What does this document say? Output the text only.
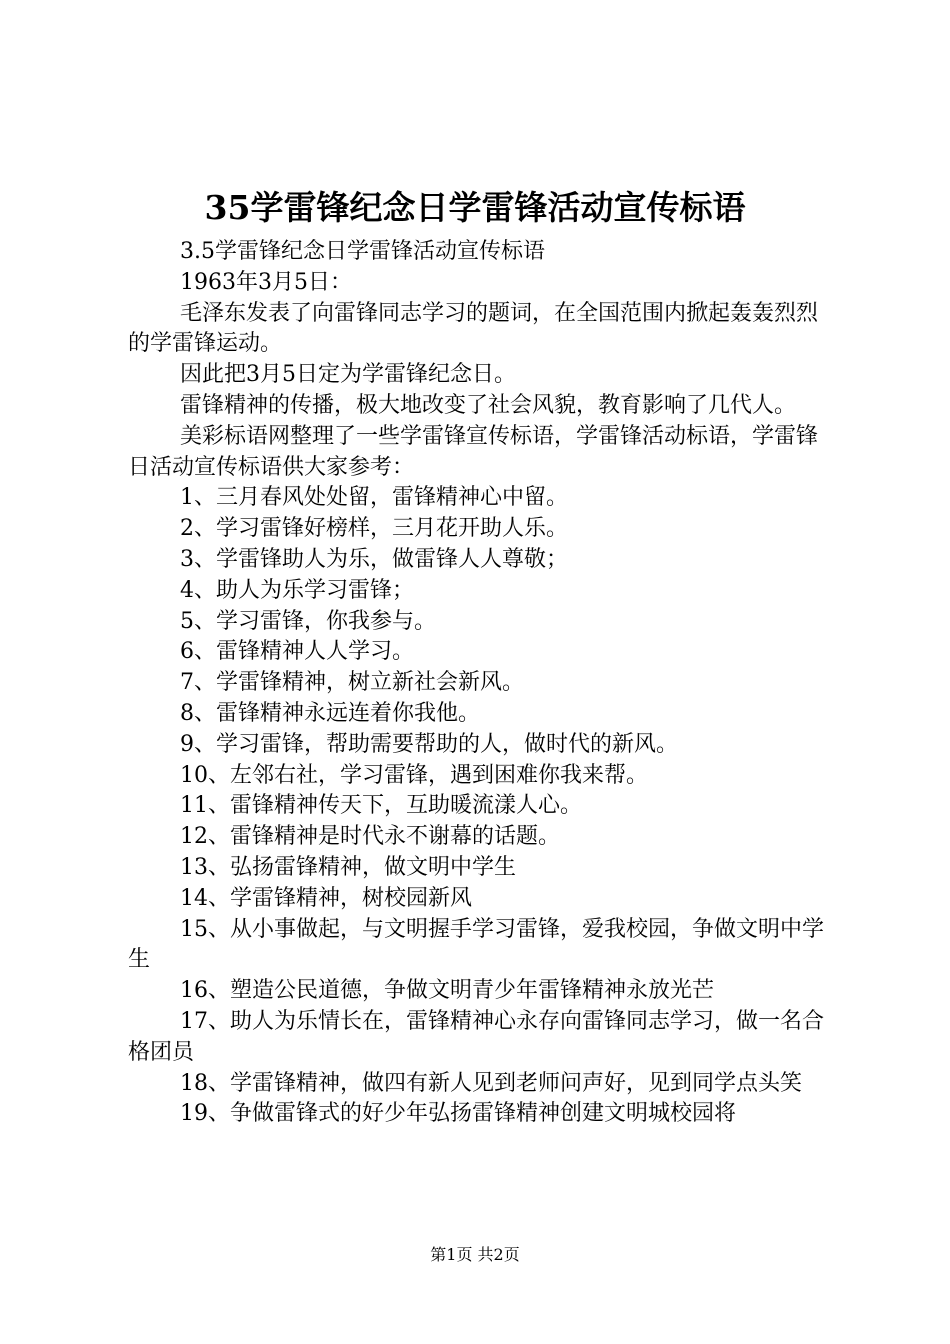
35学雷锋纪念日学雷锋活动宣传标语

3.5学雷锋纪念日学雷锋活动宣传标语

1963年3月5日：

毛泽东发表了向雷锋同志学习的题词，在全国范围内掀起轰轰烈烈的学雷锋运动。

因此把3月5日定为学雷锋纪念日。

雷锋精神的传播，极大地改变了社会风貌，教育影响了几代人。

美彩标语网整理了一些学雷锋宣传标语，学雷锋活动标语，学雷锋日活动宣传标语供大家参考：

1、三月春风处处留，雷锋精神心中留。

2、学习雷锋好榜样，三月花开助人乐。

3、学雷锋助人为乐，做雷锋人人尊敬；

4、助人为乐学习雷锋；

5、学习雷锋，你我参与。

6、雷锋精神人人学习。

7、学雷锋精神，树立新社会新风。

8、雷锋精神永远连着你我他。

9、学习雷锋，帮助需要帮助的人，做时代的新风。

10、左邻右社，学习雷锋，遇到困难你我来帮。

11、雷锋精神传天下，互助暖流漾人心。

12、雷锋精神是时代永不谢幕的话题。

13、弘扬雷锋精神，做文明中学生

14、学雷锋精神，树校园新风

15、从小事做起，与文明握手学习雷锋，爱我校园，争做文明中学生

16、塑造公民道德，争做文明青少年雷锋精神永放光芒

17、助人为乐情长在，雷锋精神心永存向雷锋同志学习，做一名合格团员

18、学雷锋精神，做四有新人见到老师问声好，见到同学点头笑

19、争做雷锋式的好少年弘扬雷锋精神创建文明城校园将

第1页 共2页
